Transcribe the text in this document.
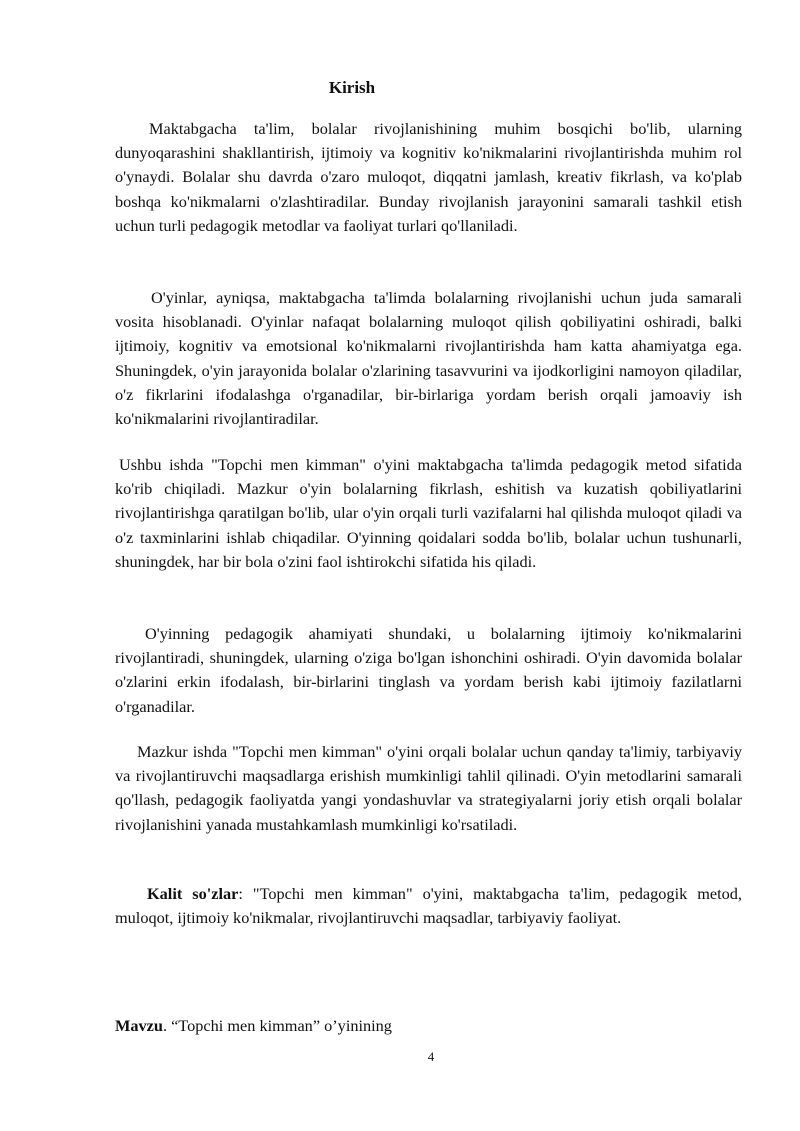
Kirish

Maktabgacha ta'lim, bolalar rivojlanishining muhim bosqichi bo'lib, ularning dunyoqarashini shakllantirish, ijtimoiy va kognitiv ko'nikmalarini rivojlantirishda muhim rol o'ynaydi. Bolalar shu davrda o'zaro muloqot, diqqatni jamlash, kreativ fikrlash, va ko'plab boshqa ko'nikmalarni o'zlashtiradilar. Bunday rivojlanish jarayonini samarali tashkil etish uchun turli pedagogik metodlar va faoliyat turlari qo'llaniladi.

O'yinlar, ayniqsa, maktabgacha ta'limda bolalarning rivojlanishi uchun juda samarali vosita hisoblanadi. O'yinlar nafaqat bolalarning muloqot qilish qobiliyatini oshiradi, balki ijtimoiy, kognitiv va emotsional ko'nikmalarni rivojlantirishda ham katta ahamiyatga ega. Shuningdek, o'yin jarayonida bolalar o'zlarining tasavvurini va ijodkorligini namoyon qiladilar, o'z fikrlarini ifodalashga o'rganadilar, bir-birlariga yordam berish orqali jamoaviy ish ko'nikmalarini rivojlantiradilar.

Ushbu ishda "Topchi men kimman" o'yini maktabgacha ta'limda pedagogik metod sifatida ko'rib chiqiladi. Mazkur o'yin bolalarning fikrlash, eshitish va kuzatish qobiliyatlarini rivojlantirishga qaratilgan bo'lib, ular o'yin orqali turli vazifalarni hal qilishda muloqot qiladi va o'z taxminlarini ishlab chiqadilar. O'yinning qoidalari sodda bo'lib, bolalar uchun tushunarli, shuningdek, har bir bola o'zini faol ishtirokchi sifatida his qiladi.

O'yinning pedagogik ahamiyati shundaki, u bolalarning ijtimoiy ko'nikmalarini rivojlantiradi, shuningdek, ularning o'ziga bo'lgan ishonchini oshiradi. O'yin davomida bolalar o'zlarini erkin ifodalash, bir-birlarini tinglash va yordam berish kabi ijtimoiy fazilatlarni o'rganadilar.

Mazkur ishda "Topchi men kimman" o'yini orqali bolalar uchun qanday ta'limiy, tarbiyaviy va rivojlantiruvchi maqsadlarga erishish mumkinligi tahlil qilinadi. O'yin metodlarini samarali qo'llash, pedagogik faoliyatda yangi yondashuvlar va strategiyalarni joriy etish orqali bolalar rivojlanishini yanada mustahkamlash mumkinligi ko'rsatiladi.

Kalit so'zlar: "Topchi men kimman" o'yini, maktabgacha ta'lim, pedagogik metod, muloqot, ijtimoiy ko'nikmalar, rivojlantiruvchi maqsadlar, tarbiyaviy faoliyat.

Mavzu. “Topchi men kimman” o’yinining

4
